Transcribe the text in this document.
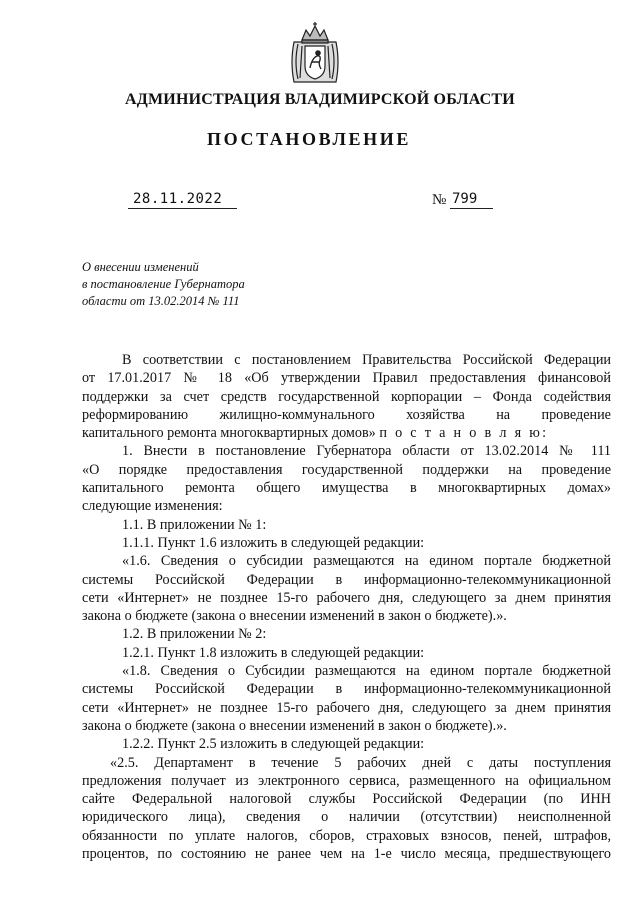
АДМИНИСТРАЦИЯ ВЛАДИМИРСКОЙ ОБЛАСТИ
ПОСТАНОВЛЕНИЕ
28.11.2022	№ 799
О внесении изменений
в постановление Губернатора
области от 13.02.2014 № 111

В соответствии с постановлением Правительства Российской Федерации

от 17.01.2017 № 18 «Об утверждении Правил предоставления финансовой

поддержки за счет средств государственной корпорации – Фонда содействия

реформированию жилищно-коммунального хозяйства на проведение

капитального ремонта многоквартирных домов» п о с т а н о в л я ю:

1. Внести в постановление Губернатора области от 13.02.2014 № 111

«О порядке предоставления государственной поддержки на проведение

капитального ремонта общего имущества в многоквартирных домах»

следующие изменения:

1.1. В приложении № 1:

1.1.1. Пункт 1.6 изложить в следующей редакции:

«1.6. Сведения о субсидии размещаются на едином портале бюджетной

системы Российской Федерации в информационно-телекоммуникационной

сети «Интернет» не позднее 15-го рабочего дня, следующего за днем принятия

закона о бюджете (закона о внесении изменений в закон о бюджете).».

1.2. В приложении № 2:

1.2.1. Пункт 1.8 изложить в следующей редакции:

«1.8. Сведения о Субсидии размещаются на едином портале бюджетной

системы Российской Федерации в информационно-телекоммуникационной

сети «Интернет» не позднее 15-го рабочего дня, следующего за днем принятия

закона о бюджете (закона о внесении изменений в закон о бюджете).».

1.2.2. Пункт 2.5 изложить в следующей редакции:

«2.5. Департамент в течение 5 рабочих дней с даты поступления

предложения получает из электронного сервиса, размещенного на официальном

сайте Федеральной налоговой службы Российской Федерации (по ИНН

юридического лица), сведения о наличии (отсутствии) неисполненной

обязанности по уплате налогов, сборов, страховых взносов, пеней, штрафов,

процентов, по состоянию не ранее чем на 1-е число месяца, предшествующего
